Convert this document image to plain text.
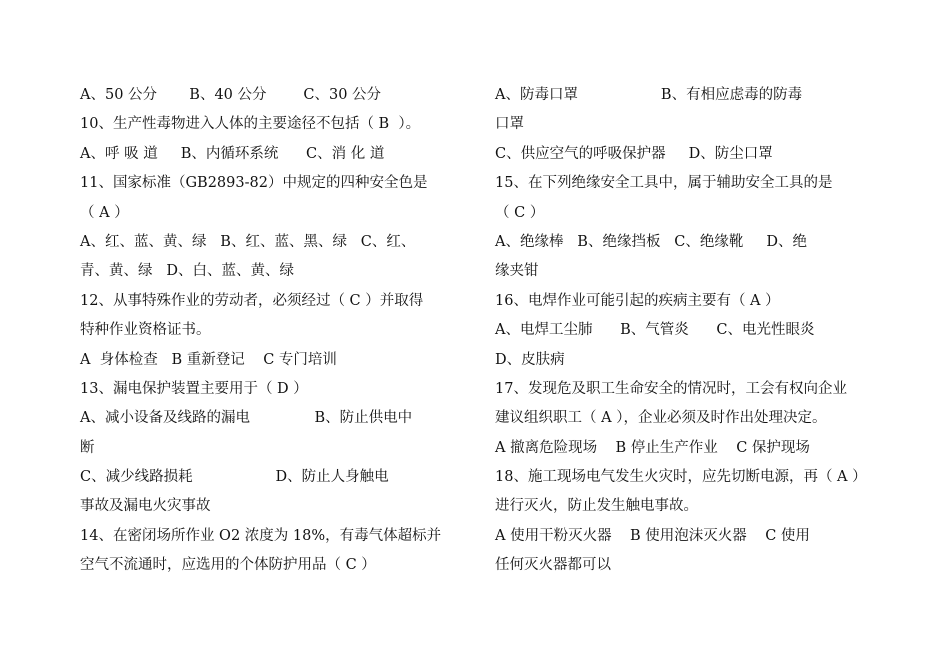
A、50 公分       B、40 公分        C、30 公分
10、生产性毒物进入人体的主要途径不包括（ B  ）。
A、呼 吸 道     B、内循环系统      C、消 化 道
11、国家标准（GB2893-82）中规定的四种安全色是
（ A ）
A、红、蓝、黄、绿   B、红、蓝、黑、绿   C、红、
青、黄、绿   D、白、蓝、黄、绿
12、从事特殊作业的劳动者，必须经过（ C ）并取得
特种作业资格证书。
A  身体检查   B 重新登记    C 专门培训
13、漏电保护装置主要用于（ D ）
A、减小设备及线路的漏电              B、防止供电中
断
C、减少线路损耗                  D、防止人身触电
事故及漏电火灾事故
14、在密闭场所作业 O2 浓度为 18%，有毒气体超标并
空气不流通时，应选用的个体防护用品（ C ）
A、防毒口罩                  B、有相应虑毒的防毒
口罩
C、供应空气的呼吸保护器     D、防尘口罩
15、在下列绝缘安全工具中，属于辅助安全工具的是
（ C ）
A、绝缘棒   B、绝缘挡板   C、绝缘靴     D、绝
缘夹钳
16、电焊作业可能引起的疾病主要有（ A ）
A、电焊工尘肺      B、气管炎      C、电光性眼炎
D、皮肤病
17、发现危及职工生命安全的情况时，工会有权向企业
建议组织职工（ A ），企业必须及时作出处理决定。
A 撤离危险现场    B 停止生产作业    C 保护现场
18、施工现场电气发生火灾时，应先切断电源，再（ A ）
进行灭火，防止发生触电事故。
A 使用干粉灭火器    B 使用泡沫灭火器    C 使用
任何灭火器都可以
